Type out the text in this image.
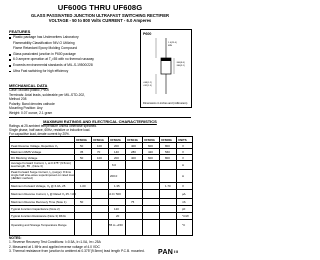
UF600G THRU UF608G
GLASS PASSIVATED JUNCTION ULTRAFAST SWITCHING RECTIFIER
VOLTAGE - 50 to 800 Volts CURRENT - 6.0 Amperes
FEATURES
Plastic package has Underwriters Laboratory
Flammability Classification 94V-O Utilizing
Flame Retardant Epoxy Molding Compound
Glass passivated junction in P600 package
6.0 ampere operation at T⁁=55 with no thermal runaway
Exceeds environmental standards of MIL-S-19500/228
Ultra Fast switching for high efficiency
MECHANICAL DATA
Case: Molded plastic, P600
Terminals: Axial leads, solderable per MIL-STD-202,
Method 208
Polarity: Band denotes cathode
Mounting Position: Any
Weight: 0.07 ounce, 2.1 gram
P600
1.0(25.4)
MIN
.340(8.6)
.360(9.1)
.048(1.2)
.052(1.3)
Dimensions in inches and (millimeters)
MAXIMUM RATINGS AND ELECTRICAL CHARACTERISTICS
Ratings at 25 ambient temperature unless otherwise specified.
Single phase, half wave, 60Hz, resistive or inductive load.
For capacitive load, derate current by 20%.
UF600G UF601G UF602G UF604G UF606G UF608G UNITS
Peak Reverse Voltage, Repetitive V₀	50	100	200	400	600	800	V
Maximum RMS Voltage	35	70	140	280	420	560	V
DC Blocking Voltage	50	100	200	400	600	800	V
Average Forward Current, I₀ at 0.375" (9.5mm) lead length, 55 , (Note 3)	6.0	A
Peak Forward Surge Current, I₆ (surge): 8.3ms single half sine-wave superimposed on rated load (JEDEC method)
200.0	A
Maximum Forward Voltage, V₄ @ 6.0A, 25	1.00	1.35	1.70	V
Maximum Reverse Current, I₁ @ Rated V₁ 25 / 100	10.0 / 500	µA
Maximum Reverse Recovery Time (Note 1)	50	75	nS
Typical Junction Capacitance (Note 2)	120	pF
Typical Junction Resistance (Note 3) RθJA	20	°C/W
Operating and Storage Temperature Range	-55 to +150	°C
NOTES:
1. Reverse Recovery Test Conditions: I=0.5A, Ir=1.0A, Irr=.25A
2. Measured at 1 MHz and applied reverse voltage of 4.0 VDC
3. Thermal resistance from junction to ambient at 0.375"(9.5mm) lead length P.C.B. mounted.	PANIII
